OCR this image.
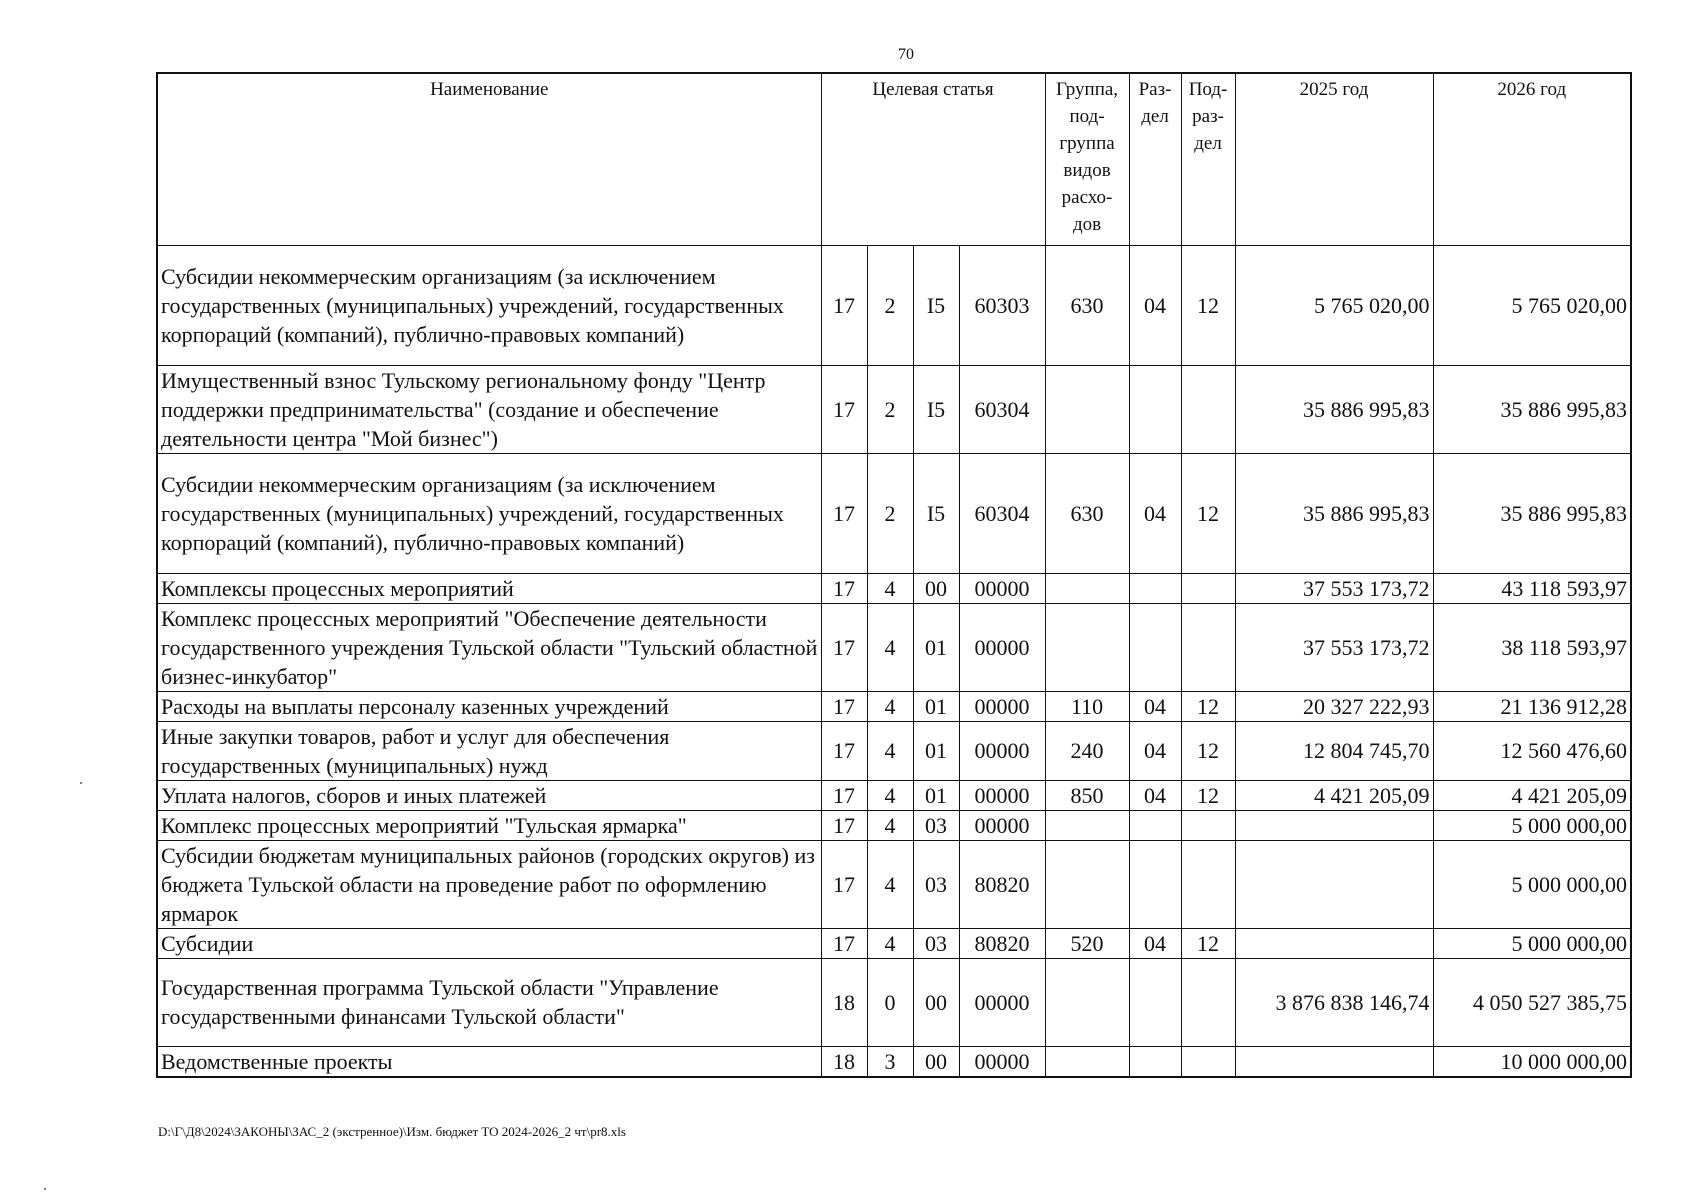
70
Наименование	Целевая статья				Группа, под-группа видов расхо-дов	Раз-дел	Под-раз-дел	2025 год	2026 год
Субсидии некоммерческим организациям (за исключением государственных (муниципальных) учреждений, государственных корпораций (компаний), публично-правовых компаний)	17	2	I5	60303	630	04	12	5 765 020,00	5 765 020,00
Имущественный взнос Тульскому региональному фонду "Центр поддержки предпринимательства" (создание и обеспечение деятельности центра "Мой бизнес")	17	2	I5	60304				35 886 995,83	35 886 995,83
Субсидии некоммерческим организациям (за исключением государственных (муниципальных) учреждений, государственных корпораций (компаний), публично-правовых компаний)	17	2	I5	60304	630	04	12	35 886 995,83	35 886 995,83
Комплексы процессных мероприятий	17	4	00	00000				37 553 173,72	43 118 593,97
Комплекс процессных мероприятий "Обеспечение деятельности государственного учреждения Тульской области "Тульский областной бизнес-инкубатор"	17	4	01	00000				37 553 173,72	38 118 593,97
Расходы на выплаты персоналу казенных учреждений	17	4	01	00000	110	04	12	20 327 222,93	21 136 912,28
Иные закупки товаров, работ и услуг для обеспечения государственных (муниципальных) нужд	17	4	01	00000	240	04	12	12 804 745,70	12 560 476,60
Уплата налогов, сборов и иных платежей	17	4	01	00000	850	04	12	4 421 205,09	4 421 205,09
Комплекс процессных мероприятий "Тульская ярмарка"	17	4	03	00000					5 000 000,00
Субсидии бюджетам муниципальных районов (городских округов) из бюджета Тульской области на проведение работ по оформлению ярмарок	17	4	03	80820					5 000 000,00
Субсидии	17	4	03	80820	520	04	12		5 000 000,00
Государственная программа Тульской области "Управление государственными финансами Тульской области"	18	0	00	00000				3 876 838 146,74	4 050 527 385,75
Ведомственные проекты	18	3	00	00000					10 000 000,00
D:\Г\Д8\2024\ЗАКОНЫ\ЗАС_2 (экстренное)\Изм. бюджет ТО 2024-2026_2 чт\pr8.xls
